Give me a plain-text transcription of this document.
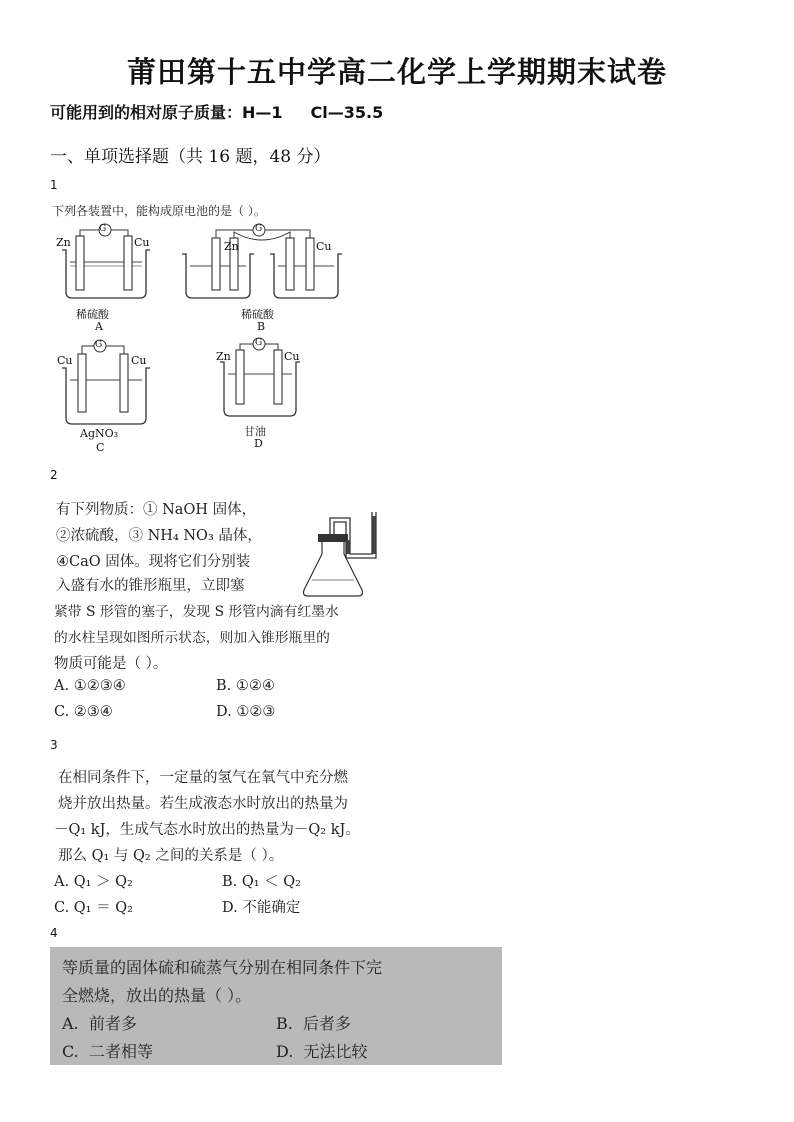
莆田第十五中学高二化学上学期期末试卷
可能用到的相对原子质量：H—1 Cl—35.5
一、单项选择题（共 16 题，48 分）
1
下列各装置中，能构成原电池的是（ ）。
G
Zn	Cu
稀硫酸
A
G
Zn	Cu
稀硫酸
B
G
Cu	Cu
AgNO₃
C
G
Zn	Cu
甘油
D
2
有下列物质：① NaOH 固体，
②浓硫酸，③ NH₄ NO₃ 晶体，
④CaO 固体。现将它们分别装
入盛有水的锥形瓶里，立即塞
紧带 S 形管的塞子，发现 S 形管内滴有红墨水
的水柱呈现如图所示状态，则加入锥形瓶里的
物质可能是（ ）。
A. ①②③④	B. ①②④
C. ②③④	D. ①②③
3
在相同条件下，一定量的氢气在氧气中充分燃
烧并放出热量。若生成液态水时放出的热量为
－Q₁ kJ，生成气态水时放出的热量为－Q₂ kJ。
那么 Q₁ 与 Q₂ 之间的关系是（ ）。
A. Q₁ ＞ Q₂	B. Q₁ ＜ Q₂
C. Q₁ ＝ Q₂	D. 不能确定
4
等质量的固体硫和硫蒸气分别在相同条件下完
全燃烧，放出的热量（ ）。
A. 前者多	B. 后者多
C. 二者相等	D. 无法比较
